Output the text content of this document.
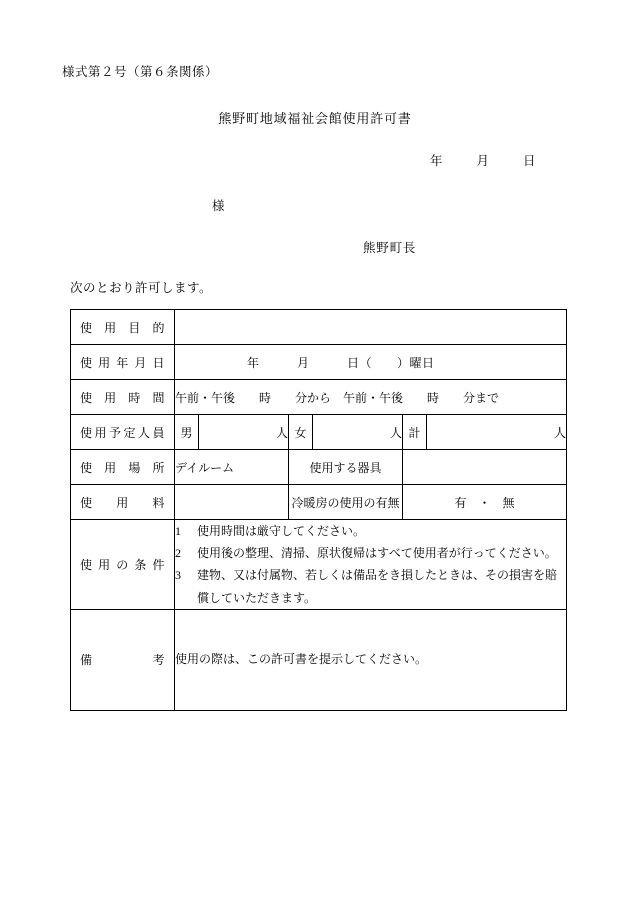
様式第２号（第６条関係）
熊野町地域福祉会館使用許可書
年	月	日
様
熊野町長
次のとおり許可します。
使用目的						

使用年月日	年　　　月　　　日（　　）曜日					

使用時間	午前・午後　　時　　分から　午前・午後　　時　　分まで					

使用予定人員	男	人	女	人	計	人

使用場所	デイルーム		使用する器具			

使用料			冷暖房の使用の有無		有　・　無	

使用の条件

1 使用時間は厳守してください。
2 使用後の整理、清掃、原状復帰はすべて使用者が行ってください。
3 建物、又は付属物、若しくは備品をき損したときは、その損害を賠償していただきます。

備考	使用の際は、この許可書を提示してください。					
